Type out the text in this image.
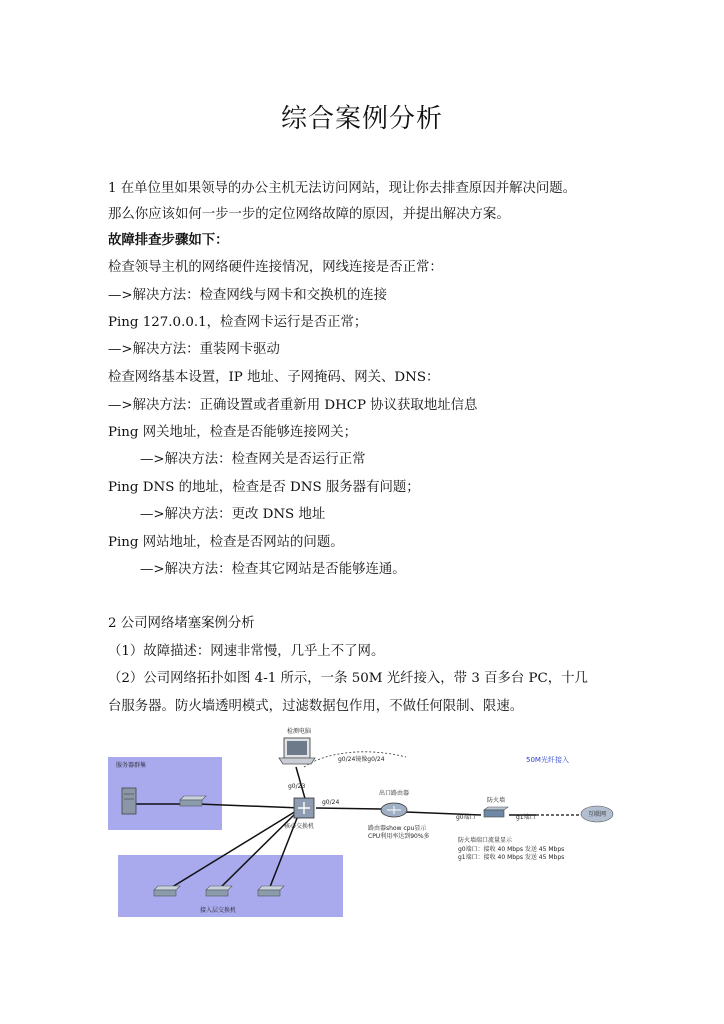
综合案例分析
1 在单位里如果领导的办公主机无法访问网站，现让你去排查原因并解决问题。
那么你应该如何一步一步的定位网络故障的原因，并提出解决方案。
故障排查步骤如下：
检查领导主机的网络硬件连接情况，网线连接是否正常：
—>解决方法：检查网线与网卡和交换机的连接
Ping 127.0.0.1，检查网卡运行是否正常；
—>解决方法：重装网卡驱动
检查网络基本设置，IP 地址、子网掩码、网关、DNS：
—>解决方法：正确设置或者重新用 DHCP 协议获取地址信息
Ping 网关地址，检查是否能够连接网关；
—>解决方法：检查网关是否运行正常
Ping DNS 的地址，检查是否 DNS 服务器有问题；
—>解决方法：更改 DNS 地址
Ping 网站地址，检查是否网站的问题。
—>解决方法：检查其它网站是否能够连通。
2 公司网络堵塞案例分析
（1）故障描述：网速非常慢，几乎上不了网。
（2）公司网络拓扑如图 4-1 所示，一条 50M 光纤接入，带 3 百多台 PC，十几
台服务器。防火墙透明模式，过滤数据包作用，不做任何限制、限速。
检测电脑
g0/24镜像g0/24	50M光纤接入
服务器群集
g0/23
g0/24
核心交换机
出口路由器
路由器show cpu显示
CPU利用率达到90%多
防火墙
g0端口	g1端口	互联网
防火墙端口流量显示
g0端口：接收 40 Mbps 发送 45 Mbps
g1端口：接收 40 Mbps 发送 45 Mbps
接入层交换机
